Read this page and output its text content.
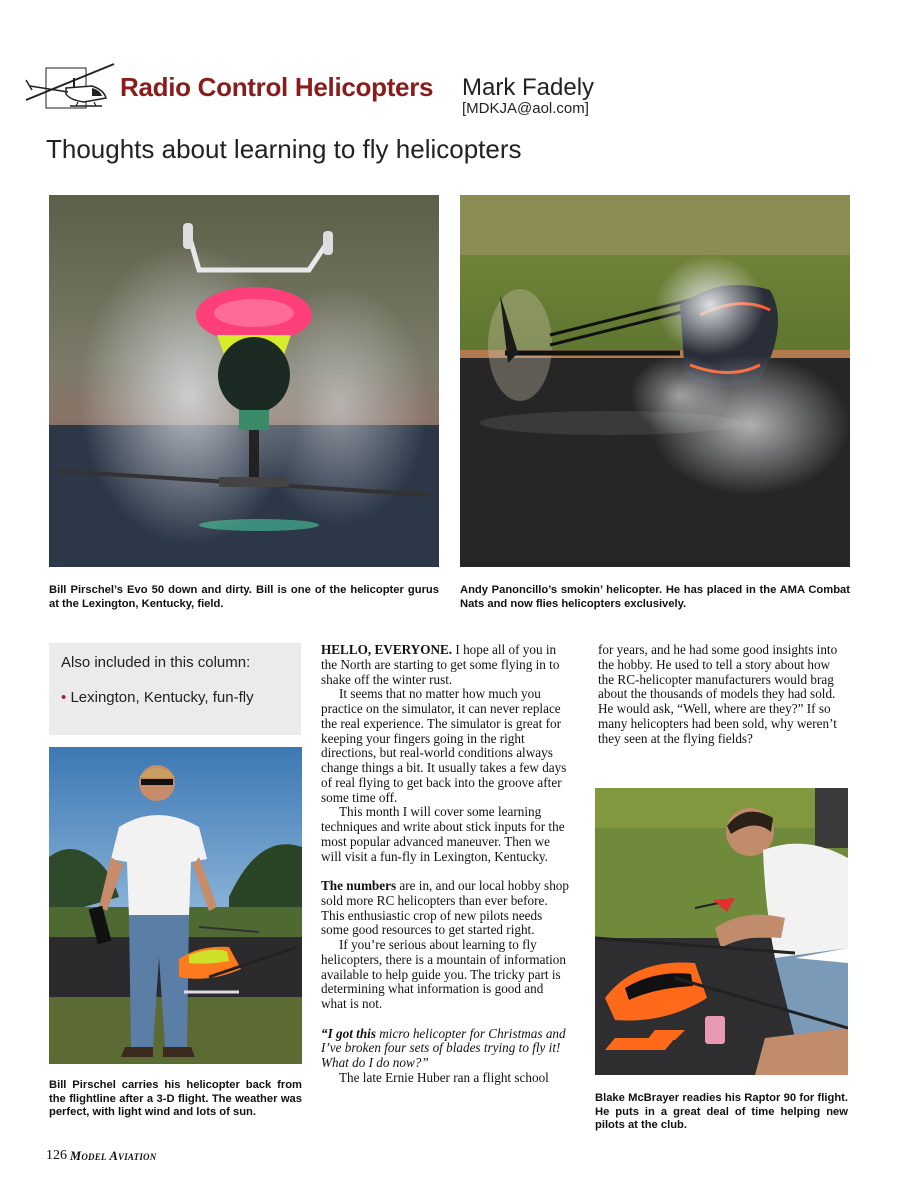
Radio Control Helicopters Mark Fadely
[MDKJA@aol.com]
Thoughts about learning to fly helicopters
Bill Pirschel’s Evo 50 down and dirty. Bill is one of the helicopter gurus at the Lexington, Kentucky, field.
Andy Panoncillo’s smokin’ helicopter. He has placed in the AMA Combat Nats and now flies helicopters exclusively.
Also included in this column:
• Lexington, Kentucky, fun-fly
Bill Pirschel carries his helicopter back from the flightline after a 3-D flight. The weather was perfect, with light wind and lots of sun.

HELLO, EVERYONE. I hope all of you in the North are starting to get some flying in to shake off the winter rust.

It seems that no matter how much you practice on the simulator, it can never replace the real experience. The simulator is great for keeping your fingers going in the right directions, but real-world conditions always change things a bit. It usually takes a few days of real flying to get back into the groove after some time off.

This month I will cover some learning techniques and write about stick inputs for the most popular advanced maneuver. Then we will visit a fun-fly in Lexington, Kentucky.

The numbers are in, and our local hobby shop sold more RC helicopters than ever before. This enthusiastic crop of new pilots needs some good resources to get started right.

If you’re serious about learning to fly helicopters, there is a mountain of information available to help guide you. The tricky part is determining what information is good and what is not.

“I got this micro helicopter for Christmas and I’ve broken four sets of blades trying to fly it! What do I do now?”

The late Ernie Huber ran a flight school

for years, and he had some good insights into the hobby. He used to tell a story about how the RC-helicopter manufacturers would brag about the thousands of models they had sold. He would ask, “Well, where are they?” If so many helicopters had been sold, why weren’t they seen at the flying fields?

Blake McBrayer readies his Raptor 90 for flight. He puts in a great deal of time helping new pilots at the club.
126 Model Aviation
